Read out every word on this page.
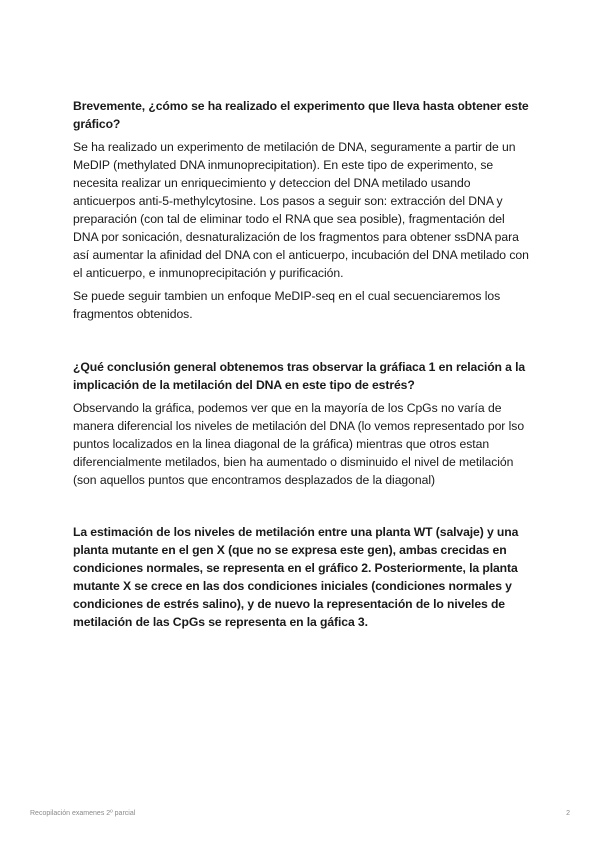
Brevemente, ¿cómo se ha realizado el experimento que lleva hasta obtener este gráfico?
Se ha realizado un experimento de metilación de DNA, seguramente a partir de un MeDIP (methylated DNA inmunoprecipitation). En este tipo de experimento, se necesita realizar un enriquecimiento y deteccion del DNA metilado usando anticuerpos anti-5-methylcytosine. Los pasos a seguir son: extracción del DNA y preparación (con tal de eliminar todo el RNA que sea posible), fragmentación del DNA por sonicación, desnaturalización de los fragmentos para obtener ssDNA para así aumentar la afinidad del DNA con el anticuerpo, incubación del DNA metilado con el anticuerpo, e inmunoprecipitación y purificación.
Se puede seguir tambien un enfoque MeDIP-seq en el cual secuenciaremos los fragmentos obtenidos.
¿Qué conclusión general obtenemos tras observar la gráfiaca 1 en relación a la implicación de la metilación del DNA en este tipo de estrés?
Observando la gráfica, podemos ver que en la mayoría de los CpGs no varía de manera diferencial los niveles de metilación del DNA (lo vemos representado por lso puntos localizados en la linea diagonal de la gráfica) mientras que otros estan diferencialmente metilados, bien ha aumentado o disminuido el nivel de metilación (son aquellos puntos que encontramos desplazados de la diagonal)
La estimación de los niveles de metilación entre una planta WT (salvaje) y una planta mutante en el gen X (que no se expresa este gen), ambas crecidas en condiciones normales, se representa en el gráfico 2. Posteriormente, la planta mutante X se crece en las dos condiciones iniciales (condiciones normales y condiciones de estrés salino), y de nuevo la representación de lo niveles de metilación de las CpGs se representa en la gáfica 3.
Recopilación examenes 2º parcial	2
